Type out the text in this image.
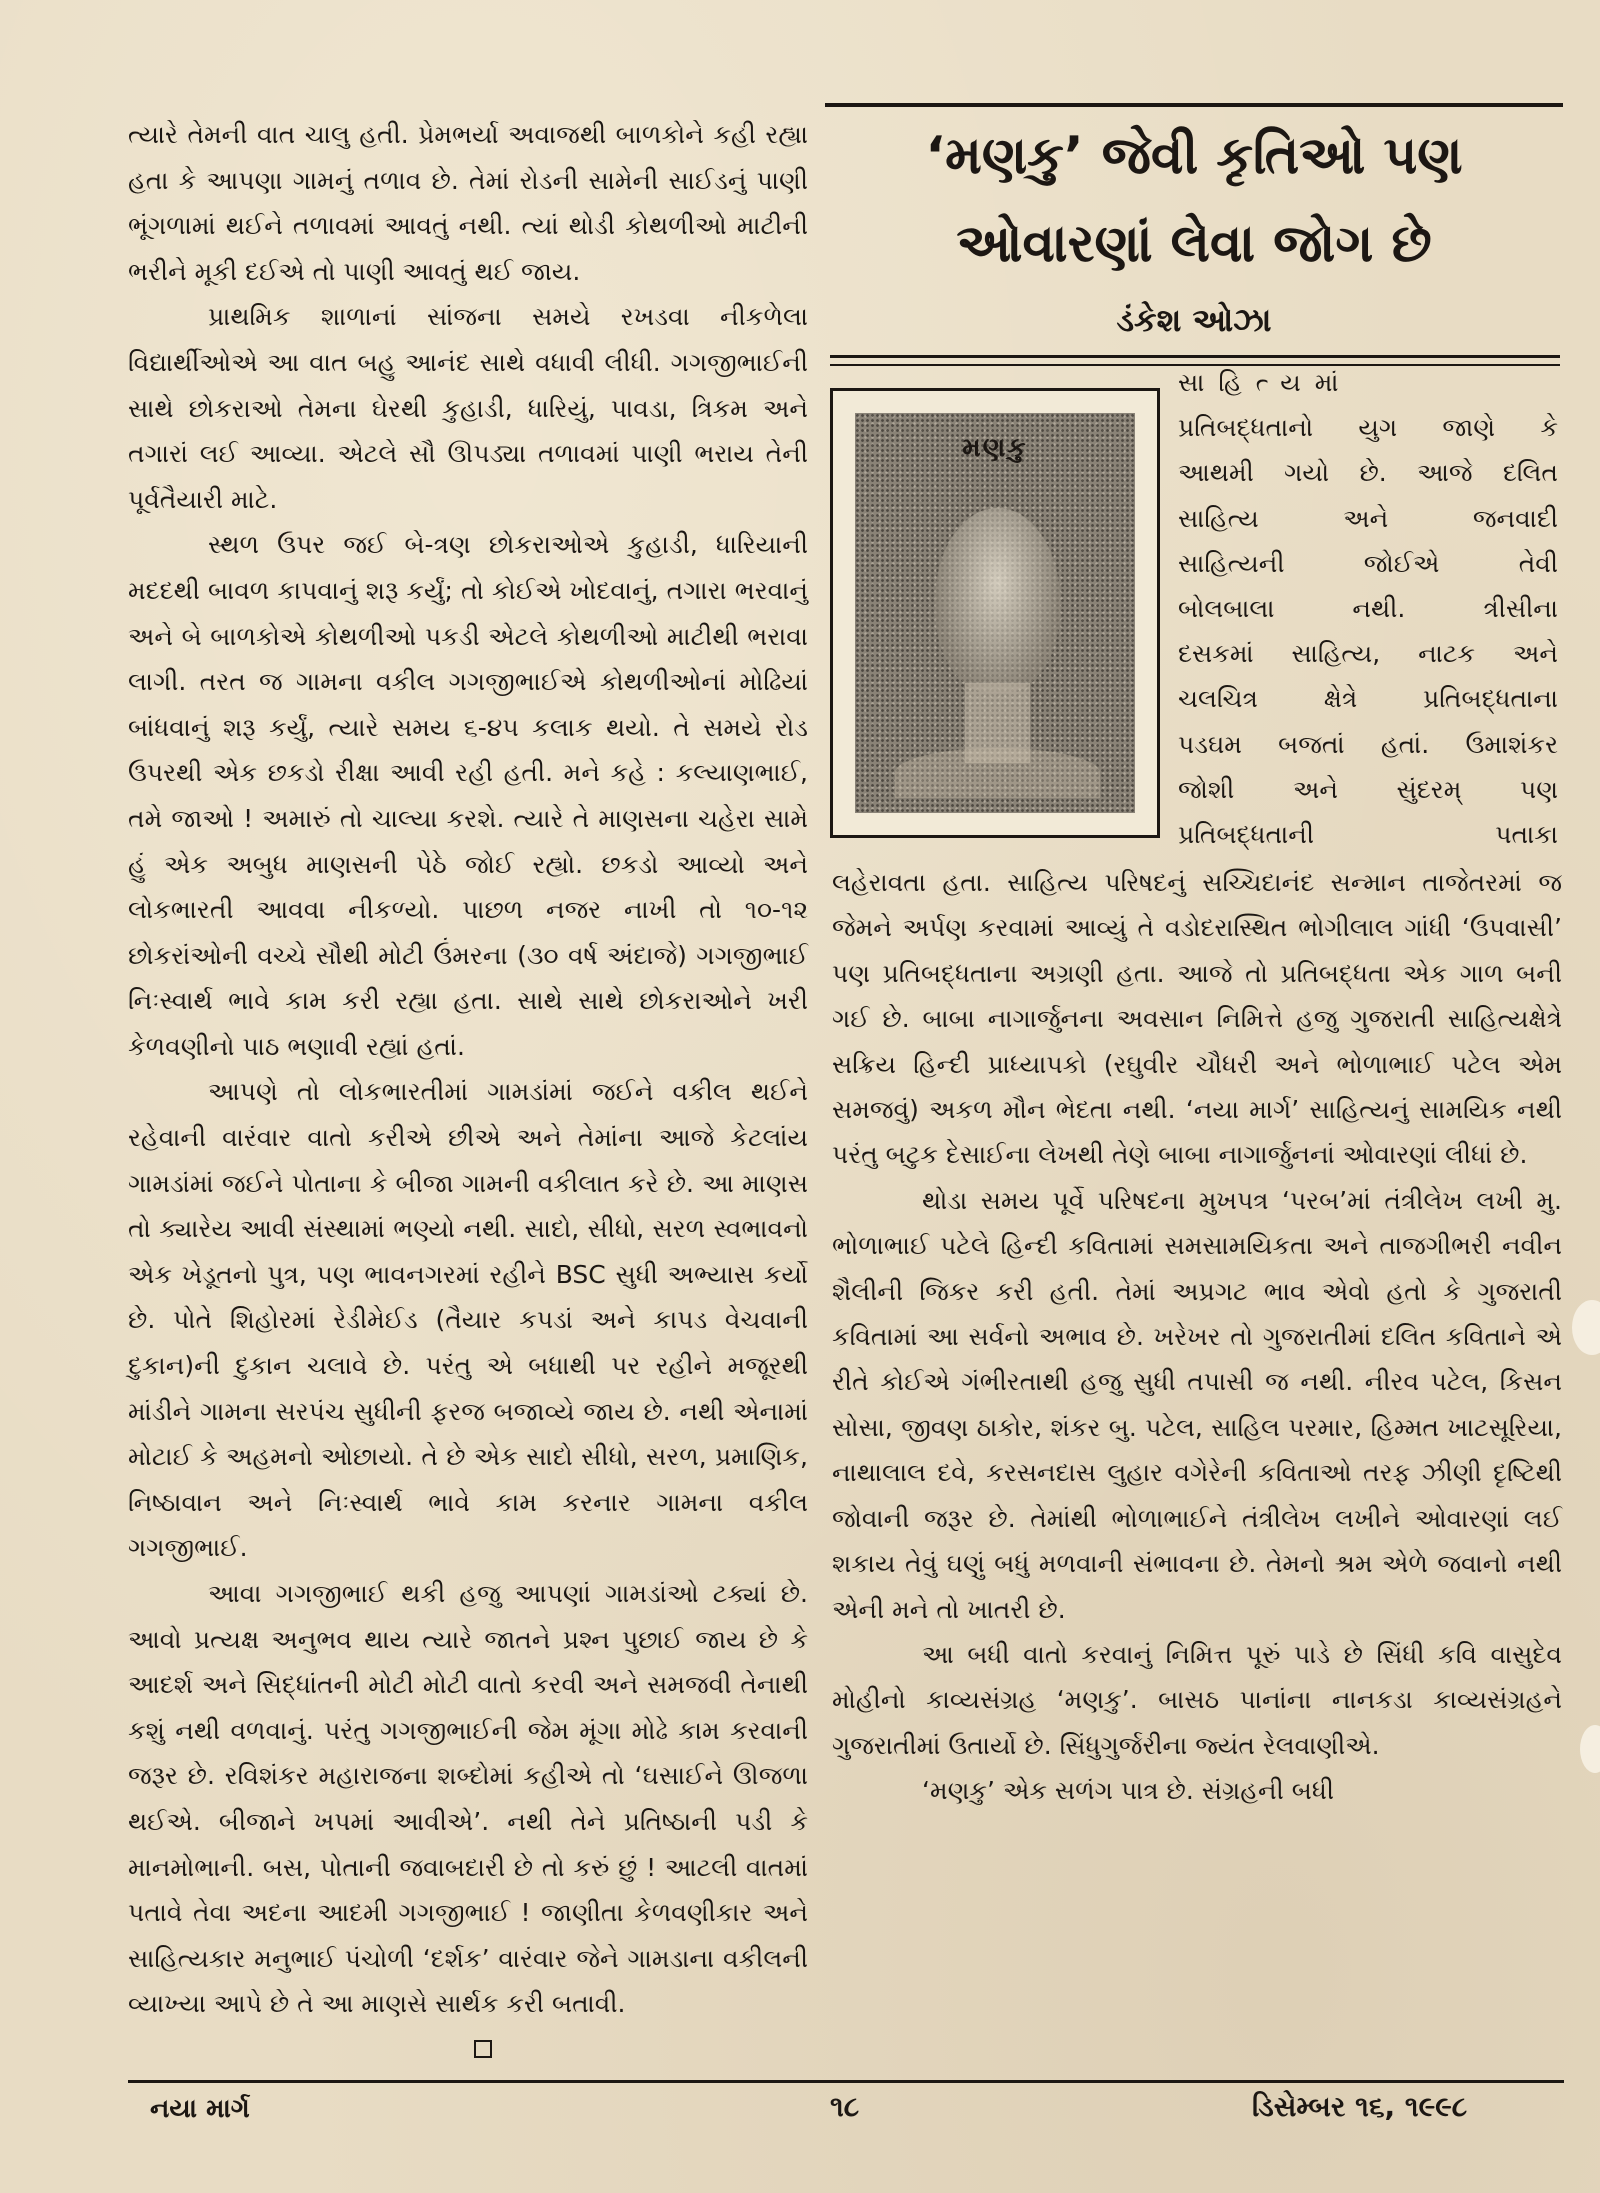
ત્યારે તેમની વાત ચાલુ હતી. પ્રેમભર્યા અવાજથી બાળકોને કહી રહ્યા હતા કે આપણા ગામનું તળાવ છે. તેમાં રોડની સામેની સાઈડનું પાણી ભૂંગળામાં થઈને તળાવમાં આવતું નથી. ત્યાં થોડી કોથળીઓ માટીની ભરીને મૂકી દઈએ તો પાણી આવતું થઈ જાય.

પ્રાથમિક શાળાનાં સાંજના સમયે રખડવા નીકળેલા વિદ્યાર્થીઓએ આ વાત બહુ આનંદ સાથે વધાવી લીધી. ગગજીભાઈની સાથે છોકરાઓ તેમના ઘેરથી કુહાડી, ધારિયું, પાવડા, ત્રિકમ અને તગારાં લઈ આવ્યા. એટલે સૌ ઊપડ્યા તળાવમાં પાણી ભરાય તેની પૂર્વતૈયારી માટે.

સ્થળ ઉપર જઈ બે-ત્રણ છોકરાઓએ કુહાડી, ધારિયાની મદદથી બાવળ કાપવાનું શરૂ કર્યું; તો કોઈએ ખોદવાનું, તગારા ભરવાનું અને બે બાળકોએ કોથળીઓ પકડી એટલે કોથળીઓ માટીથી ભરાવા લાગી. તરત જ ગામના વકીલ ગગજીભાઈએ કોથળીઓનાં મોઢિયાં બાંધવાનું શરૂ કર્યું, ત્યારે સમય ૬-૪૫ કલાક થયો. તે સમયે રોડ ઉપરથી એક છકડો રીક્ષા આવી રહી હતી. મને કહે : કલ્યાણભાઈ, તમે જાઓ ! અમારું તો ચાલ્યા કરશે. ત્યારે તે માણસના ચહેરા સામે હું એક અબુધ માણસની પેઠે જોઈ રહ્યો. છકડો આવ્યો અને લોકભારતી આવવા નીકળ્યો. પાછળ નજર નાખી તો ૧૦-૧૨ છોકરાંઓની વચ્ચે સૌથી મોટી ઉંમરના (૩૦ વર્ષ અંદાજે) ગગજીભાઈ નિઃસ્વાર્થ ભાવે કામ કરી રહ્યા હતા. સાથે સાથે છોકરાઓને ખરી કેળવણીનો પાઠ ભણાવી રહ્યાં હતાં.

આપણે તો લોકભારતીમાં ગામડાંમાં જઈને વકીલ થઈને રહેવાની વારંવાર વાતો કરીએ છીએ અને તેમાંના આજે કેટલાંય ગામડાંમાં જઈને પોતાના કે બીજા ગામની વકીલાત કરે છે. આ માણસ તો ક્યારેય આવી સંસ્થામાં ભણ્યો નથી. સાદો, સીધો, સરળ સ્વભાવનો એક ખેડૂતનો પુત્ર, પણ ભાવનગરમાં રહીને BSC સુધી અભ્યાસ કર્યો છે. પોતે શિહોરમાં રેડીમેઈડ (તૈયાર કપડાં અને કાપડ વેચવાની દુકાન)ની દુકાન ચલાવે છે. પરંતુ એ બધાથી પર રહીને મજૂરથી માંડીને ગામના સરપંચ સુધીની ફરજ બજાવ્યે જાય છે. નથી એનામાં મોટાઈ કે અહમનો ઓછાયો. તે છે એક સાદો સીધો, સરળ, પ્રમાણિક, નિષ્ઠાવાન અને નિઃસ્વાર્થ ભાવે કામ કરનાર ગામના વકીલ ગગજીભાઈ.

આવા ગગજીભાઈ થકી હજુ આપણાં ગામડાંઓ ટક્યાં છે. આવો પ્રત્યક્ષ અનુભવ થાય ત્યારે જાતને પ્રશ્ન પુછાઈ જાય છે કે આદર્શ અને સિદ્ધાંતની મોટી મોટી વાતો કરવી અને સમજવી તેનાથી કશું નથી વળવાનું. પરંતુ ગગજીભાઈની જેમ મૂંગા મોઢે કામ કરવાની જરૂર છે. રવિશંકર મહારાજના શબ્દોમાં કહીએ તો ‘ઘસાઈને ઊજળા થઈએ. બીજાને ખપમાં આવીએ’. નથી તેને પ્રતિષ્ઠાની પડી કે માનમોભાની. બસ, પોતાની જવાબદારી છે તો કરું છું ! આટલી વાતમાં પતાવે તેવા અદના આદમી ગગજીભાઈ ! જાણીતા કેળવણીકાર અને સાહિત્યકાર મનુભાઈ પંચોળી ‘દર્શક’ વારંવાર જેને ગામડાના વકીલની વ્યાખ્યા આપે છે તે આ માણસે સાર્થક કરી બતાવી.

‘મણકુ’ જેવી કૃતિઓ પણ
ઓવારણાં લેવા જોગ છે
ડંકેશ ઓઝા
મણકુ
સાહિત્યમાં
પ્રતિબદ્ધતાનો યુગ જાણે કે
આથમી ગયો છે. આજે દલિત
સાહિત્ય અને જનવાદી
સાહિત્યની જોઈએ તેવી
બોલબાલા નથી. ત્રીસીના
દસકમાં સાહિત્ય, નાટક અને
ચલચિત્ર ક્ષેત્રે પ્રતિબદ્ધતાના
પડઘમ બજતાં હતાં. ઉમાશંકર
જોશી અને સુંદરમ્ પણ
પ્રતિબદ્ધતાની પતાકા

લહેરાવતા હતા. સાહિત્ય પરિષદનું સચ્ચિદાનંદ સન્માન તાજેતરમાં જ જેમને અર્પણ કરવામાં આવ્યું તે વડોદરાસ્થિત ભોગીલાલ ગાંધી ‘ઉપવાસી’ પણ પ્રતિબદ્ધતાના અગ્રણી હતા. આજે તો પ્રતિબદ્ધતા એક ગાળ બની ગઈ છે. બાબા નાગાર્જુનના અવસાન નિમિત્તે હજુ ગુજરાતી સાહિત્યક્ષેત્રે સક્રિય હિન્દી પ્રાધ્યાપકો (રઘુવીર ચૌધરી અને ભોળાભાઈ પટેલ એમ સમજવું) અકળ મૌન ભેદતા નથી. ‘નયા માર્ગ’ સાહિત્યનું સામયિક નથી પરંતુ બટુક દેસાઈના લેખથી તેણે બાબા નાગાર્જુનનાં ઓવારણાં લીધાં છે.

થોડા સમય પૂર્વે પરિષદના મુખપત્ર ‘પરબ’માં તંત્રીલેખ લખી મુ. ભોળાભાઈ પટેલે હિન્દી કવિતામાં સમસામયિકતા અને તાજગીભરી નવીન શૈલીની જિકર કરી હતી. તેમાં અપ્રગટ ભાવ એવો હતો કે ગુજરાતી કવિતામાં આ સર્વનો અભાવ છે. ખરેખર તો ગુજરાતીમાં દલિત કવિતાને એ રીતે કોઈએ ગંભીરતાથી હજુ સુધી તપાસી જ નથી. નીરવ પટેલ, કિસન સોસા, જીવણ ઠાકોર, શંકર બુ. પટેલ, સાહિલ પરમાર, હિમ્મત ખાટસૂરિયા, નાથાલાલ દવે, કરસનદાસ લુહાર વગેરેની કવિતાઓ તરફ ઝીણી દૃષ્ટિથી જોવાની જરૂર છે. તેમાંથી ભોળાભાઈને તંત્રીલેખ લખીને ઓવારણાં લઈ શકાય તેવું ઘણું બધું મળવાની સંભાવના છે. તેમનો શ્રમ એળે જવાનો નથી એની મને તો ખાતરી છે.

આ બધી વાતો કરવાનું નિમિત્ત પૂરું પાડે છે સિંધી કવિ વાસુદેવ મોહીનો કાવ્યસંગ્રહ ‘મણકુ’. બાસઠ પાનાંના નાનકડા કાવ્યસંગ્રહને ગુજરાતીમાં ઉતાર્યો છે. સિંધુગુર્જરીના જ્યંત રેલવાણીએ.

‘મણકુ’ એક સળંગ પાત્ર છે. સંગ્રહની બધી

નયા માર્ગ	૧૮	ડિસેમ્બર ૧૬, ૧૯૯૮
